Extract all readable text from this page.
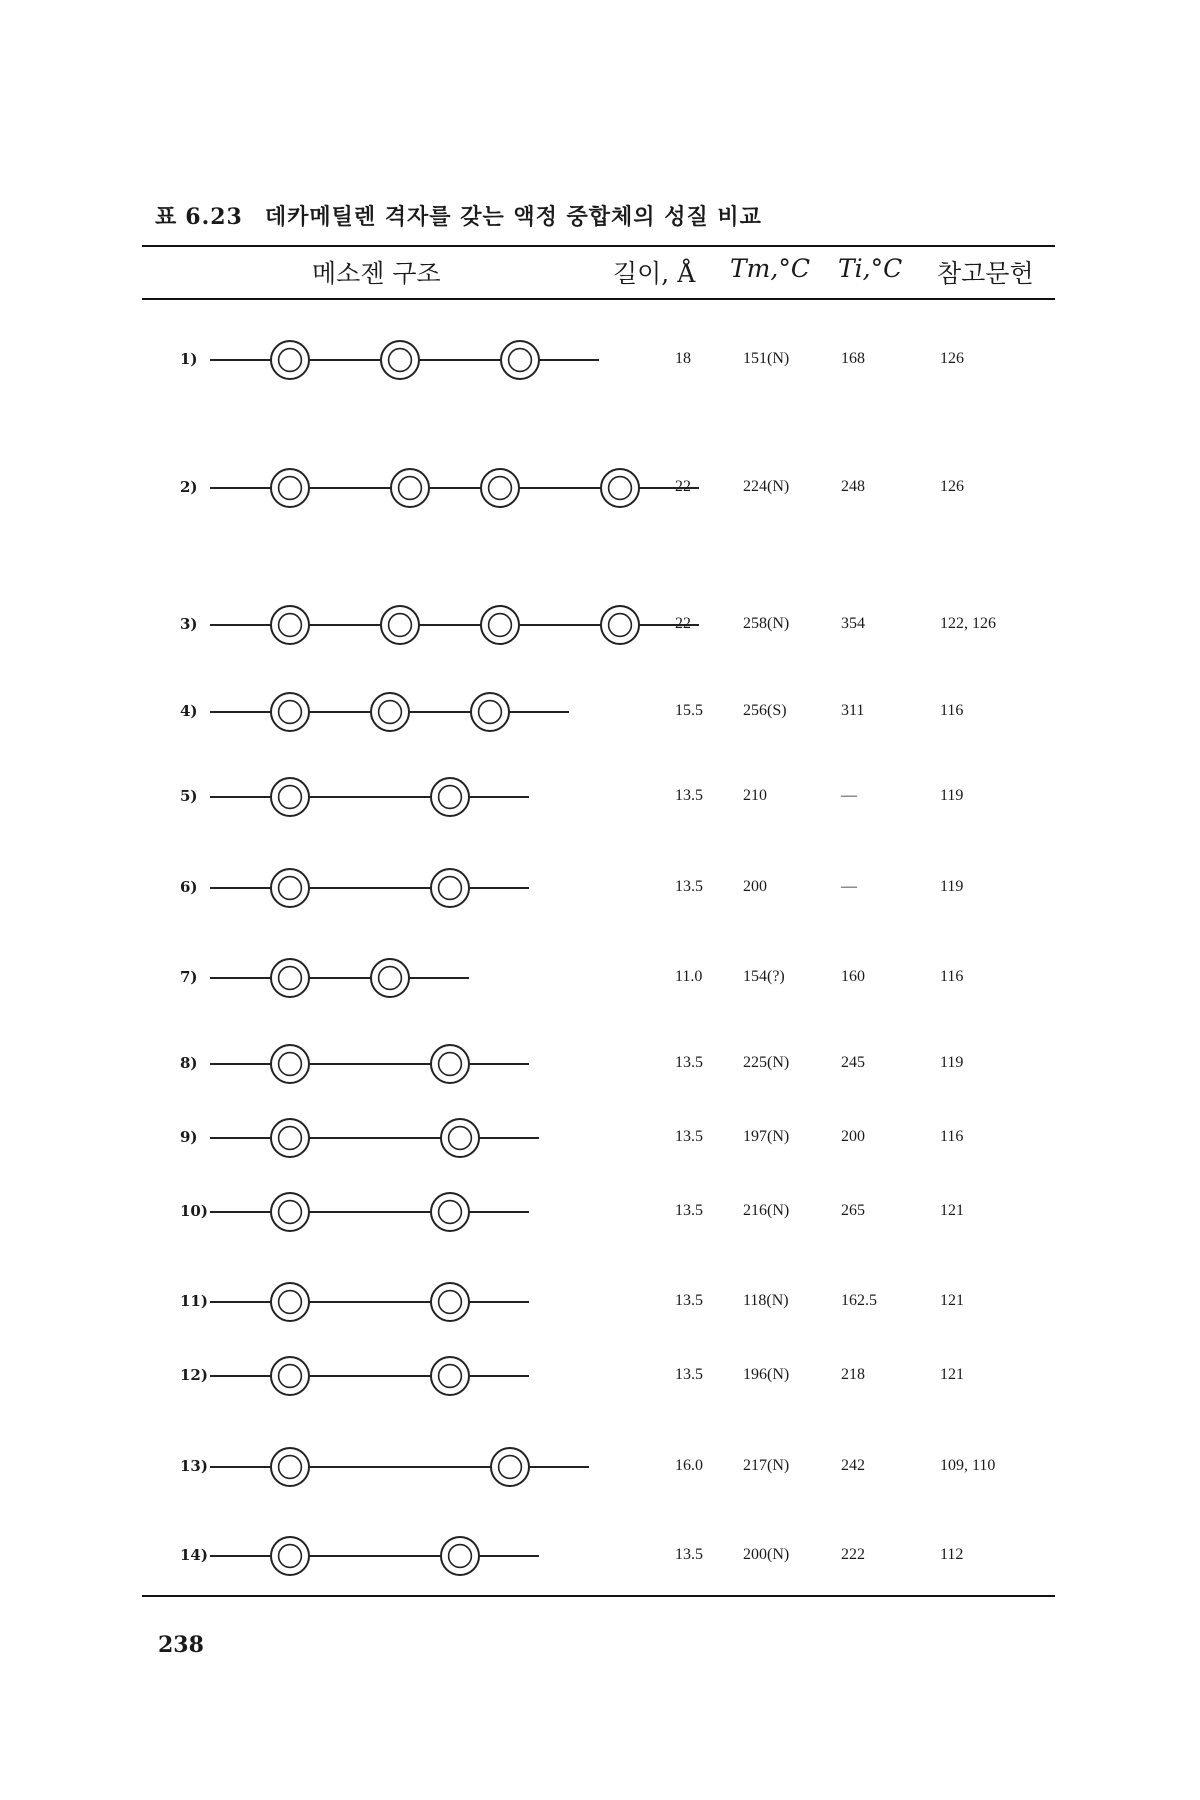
표 6.23 데카메틸렌 격자를 갖는 액정 중합체의 성질 비교
메소젠 구조	길이, Å Tm,°C Ti,°C 참고문헌
1)	18	151(N)	168	126
2)	22	224(N)	248	126
3)	22	258(N)	354	122, 126
4)	15.5	256(S)	311	116
5)	13.5	210	—	119
6)	13.5	200	—	119
7)	11.0	154(?)	160	116
8)	13.5	225(N)	245	119
9)	13.5	197(N)	200	116
10)	13.5	216(N)	265	121
11)	13.5	118(N)	162.5	121
12)	13.5	196(N)	218	121
13)	16.0	217(N)	242	109, 110
14)	13.5	200(N)	222	112
238
